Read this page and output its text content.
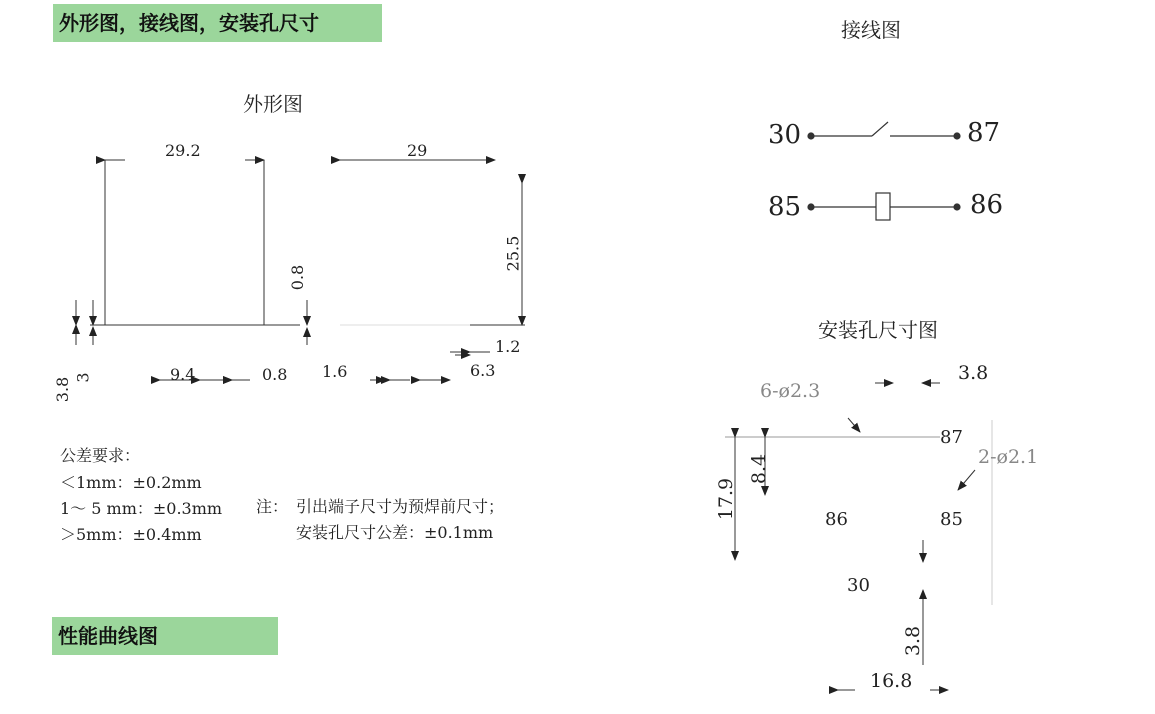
外形图，接线图，安装孔尺寸
性能曲线图
外形图
29.2	29
25.5
0.8
1.2
3.8 3	9.4	0.8 1.6	6.3
公差要求：
＜1mm：±0.2mm
1～ 5 mm：±0.3mm
＞5mm：±0.4mm
注： 引出端子尺寸为预焊前尺寸；
安装孔尺寸公差：±0.1mm
接线图
30	87
85	86
安装孔尺寸图
6-ø2.3
3.8
87
2-ø2.1
17.9
8.4
86	85
30
3.8
16.8
